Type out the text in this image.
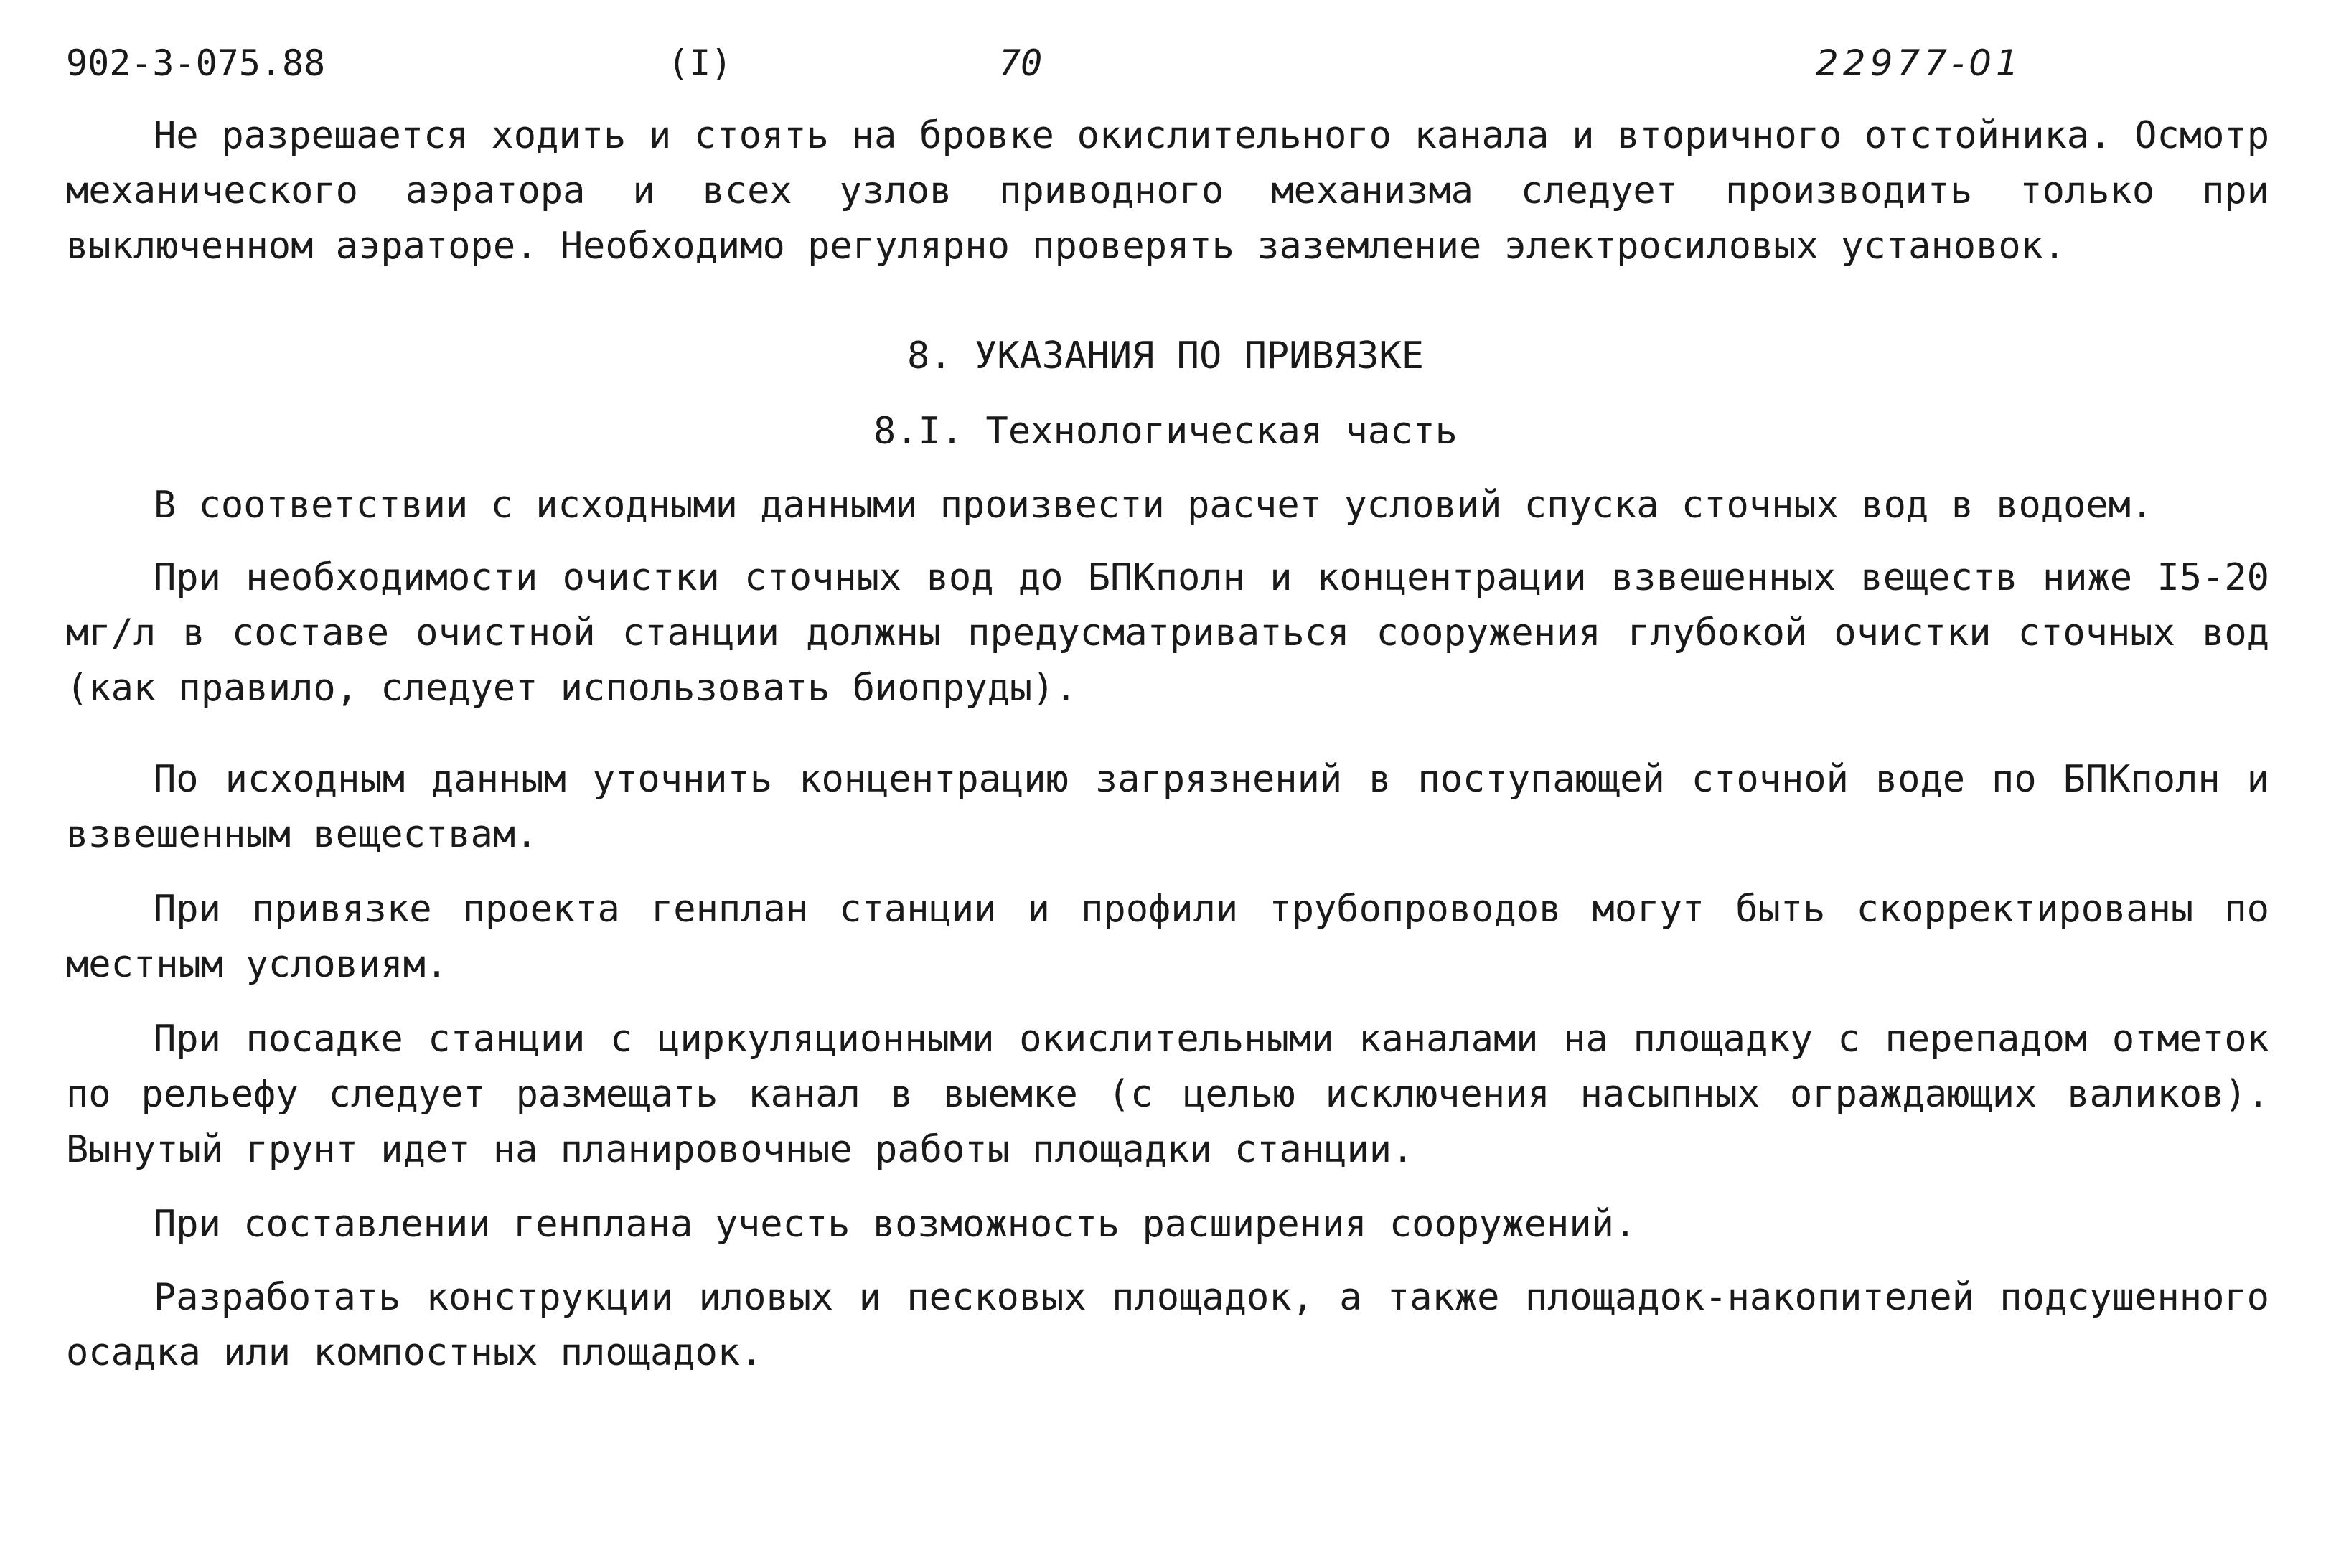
902-3-075.88	(I)	70	22977-01

Не разрешается ходить и стоять на бровке окислительного канала и вторичного отстойника. Осмотр механического аэратора и всех узлов приводного механизма следует производить только при выключенном аэраторе. Необходимо регулярно проверять заземление электросиловых установок.

8. УКАЗАНИЯ ПО ПРИВЯЗКЕ
8.I. Технологическая часть

В соответствии с исходными данными произвести расчет условий спуска сточных вод в водоем.

При необходимости очистки сточных вод до БПКполн и концентрации взвешенных веществ ниже I5-20 мг/л в составе очистной станции должны предусматриваться сооружения глубокой очистки сточных вод (как правило, следует использовать биопруды).

По исходным данным уточнить концентрацию загрязнений в поступающей сточной воде по БПКполн и взвешенным веществам.

При привязке проекта генплан станции и профили трубопроводов могут быть скорректированы по местным условиям.

При посадке станции с циркуляционными окислительными каналами на площадку с перепадом отметок по рельефу следует размещать канал в выемке (с целью исключения насыпных ограждающих валиков). Вынутый грунт идет на планировочные работы площадки станции.

При составлении генплана учесть возможность расширения сооружений.

Разработать конструкции иловых и песковых площадок, а также площадок-накопителей подсушенного осадка или компостных площадок.
